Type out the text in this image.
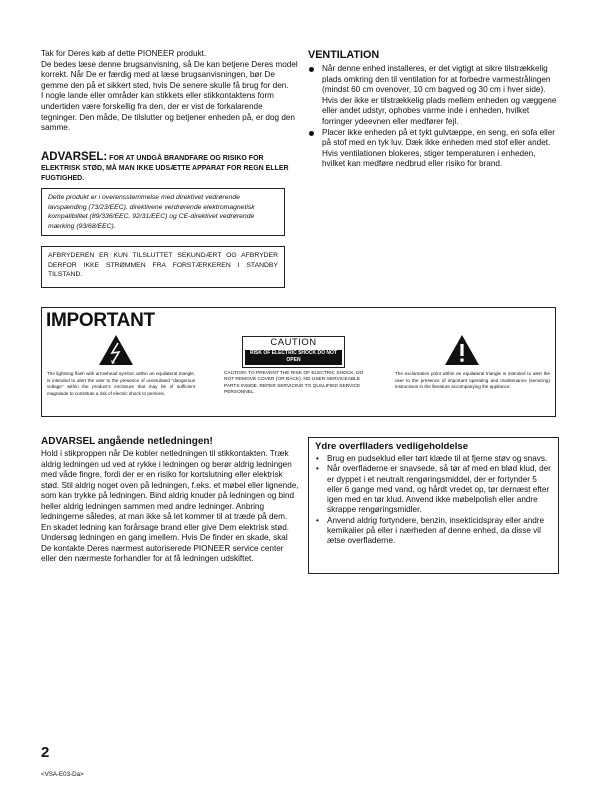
Tak for Deres køb af dette PIONEER produkt.

De bedes læse denne brugsanvisning, så De kan betjene Deres model korrekt. Når De er færdig med at læse brugsanvisningen, bør De gemme den på et sikkert sted, hvis De senere skulle få brug for den.

I nogle lande eller områder kan stikkets eller stikkontaktens form undertiden være forskellig fra den, der er vist de forkalarende tegninger. Den måde, De tilslutter og betjener enheden på, er dog den samme.

ADVARSEL: FOR AT UNDGÅ BRANDFARE OG RISIKO FOR ELEKTRISK STØD, MÅ MAN IKKE UDSÆTTE APPARAT FOR REGN ELLER FUGTIGHED.
Dette produkt er i overensstemmelse med direktivet vedrørende lavspænding (73/23/EEC), direktivene verdrørende elektromagnetisk kompatibilitet (89/336/EEC, 92/31/EEC) og CE-direktivet vedrørende mærking (93/68/EEC).
AFBRYDEREN ER KUN TILSLUTTET SEKUNDÆRT OG AFBRYDER DERFOR IKKE STRØMMEN FRA FORSTÆRKEREN I STANDBY TILSTAND.
VENTILATION
Når denne enhed installeres, er det vigtigt at sikre tilstrækkelig plads omkring den til ventilation for at forbedre varmestrålingen (mindst 60 cm ovenover, 10 cm bagved og 30 cm i hver side). Hvis der ikke er tilstrækkelig plads mellem enheden og væggene eller andet udstyr, ophobes varme inde i enheden, hvilket forringer ydeevnen eller medfører fejl.
Placer ikke enheden på et tykt gulvtæppe, en seng, en sofa eller på stof med en tyk luv. Dæk ikke enheden med stof eller andet.
Hvis ventilationen blokeres, stiger temperaturen i enheden, hvilket kan medføre nedbrud eller risiko for brand.
IMPORTANT
The lightning flash with arrowhead symbol, within an equilateral triangle, is intended to alert the user to the presence of uninsulated "dangerous voltage" within the product's enclosure that may be of sufficient magnitude to constitute a risk of electric shock to persons.
CAUTION
RISK OF ELECTRIC SHOCK DO NOT OPEN
CAUTION: TO PREVENT THE RISK OF ELECTRIC SHOCK, DO NOT REMOVE COVER (OR BACK). NO USER-SERVICEABLE PARTS INSIDE. REFER SERVICING TO QUALIFIED SERVICE PERSONNEL.
The exclamation point within an equilateral triangle is intended to alert the user to the presence of important operating and maintenance (servicing) instructions in the literature accompanying the appliance.
ADVARSEL angående netledningen!
Hold i stikproppen når De kobler netledningen til stikkontakten. Træk aldrig ledningen ud ved at rykke i ledningen og berør aldrig ledningen med våde fingre, fordi der er en risiko for kortslutning eller elektrisk stød. Stil aldrig noget oven på ledningen, f.eks. et møbel eller lignende, som kan trykke på ledningen. Bind aldrig knuder på ledningen og bind heller aldrig ledningen sammen med andre ledninger. Anbring ledningerne således, at man ikke så let kommer til at træde på dem. En skadet ledning kan forårsage brand eller give Dem elektrisk stød. Undersøg ledningen en gang imellem. Hvis De finder en skade, skal De kontakte Deres nærmest autoriserede PIONEER service center eller den nærmeste forhandler for at få ledningen udskiftet.
Ydre overflladers vedligeholdelse
• Brug en pudseklud eller tørt klæde til at fjerne støv og snavs.
• Når overfladerne er snavsede, så tør af med en blød klud, der er dyppet i et neutralt rengøringsmiddel, der er fortynder 5 eller 6 gange med vand, og hårdt vredet op, tør dernæst efter igen med en tør klud. Anvend ikke møbelpolish eller andre skrappe rengøringsmidler.
• Anvend aldrig fortyndere, benzin, insekticidspray eller andre kemikalier på eller i nærheden af denne enhed, da disse vil ætse overfladerne.
2
<VSA-E03-Da>
